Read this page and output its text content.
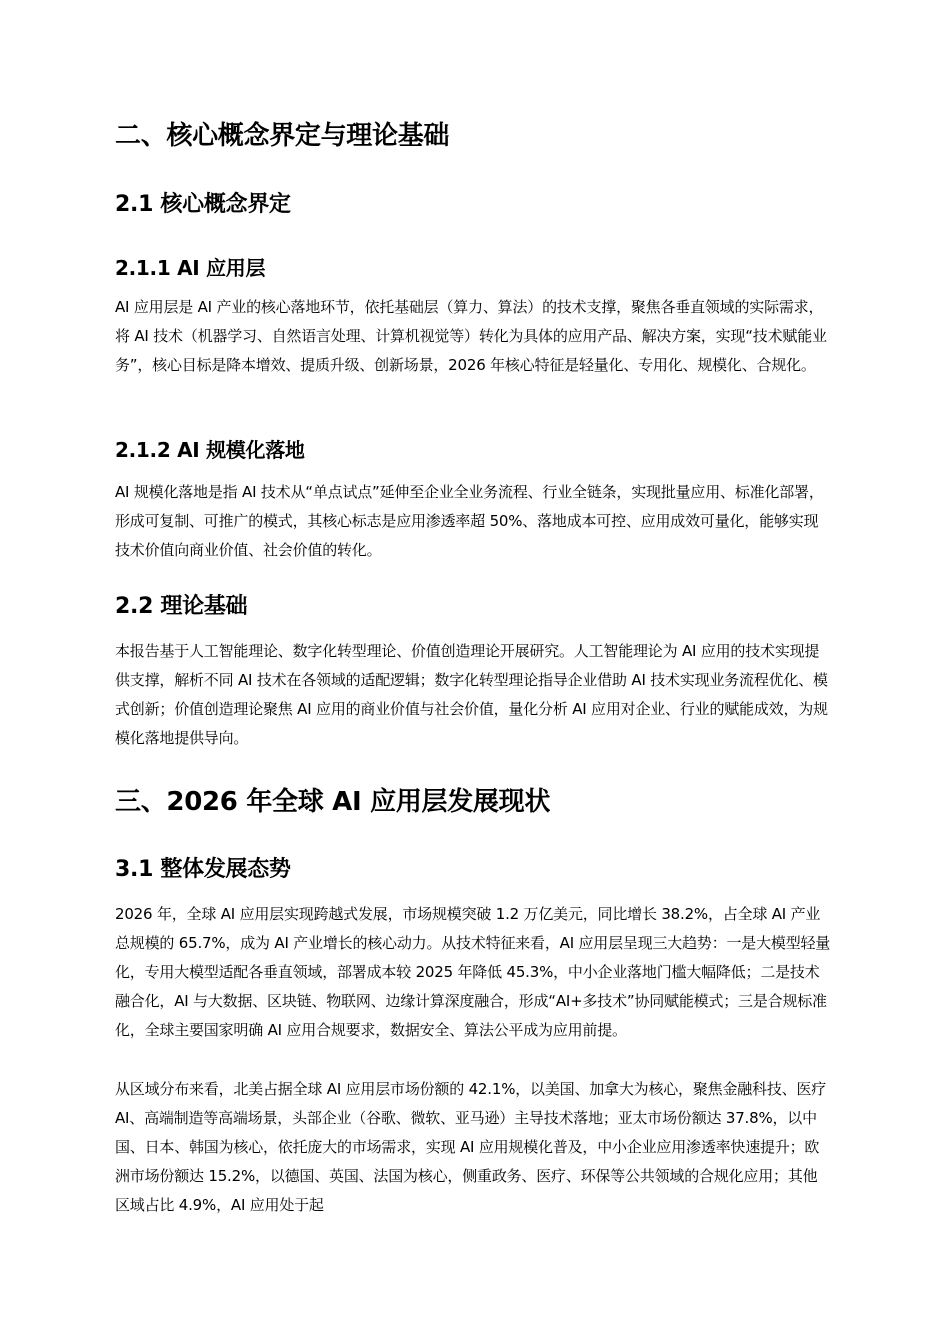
二、核心概念界定与理论基础
2.1 核心概念界定
2.1.1 AI 应用层

AI 应用层是 AI 产业的核心落地环节，依托基础层（算力、算法）的技术支撑，聚焦各垂直领域的实际需求，将 AI 技术（机器学习、自然语言处理、计算机视觉等）转化为具体的应用产品、解决方案，实现“技术赋能业务”，核心目标是降本增效、提质升级、创新场景，2026 年核心特征是轻量化、专用化、规模化、合规化。

2.1.2 AI 规模化落地

AI 规模化落地是指 AI 技术从“单点试点”延伸至企业全业务流程、行业全链条，实现批量应用、标准化部署，形成可复制、可推广的模式，其核心标志是应用渗透率超 50%、落地成本可控、应用成效可量化，能够实现技术价值向商业价值、社会价值的转化。

2.2 理论基础

本报告基于人工智能理论、数字化转型理论、价值创造理论开展研究。人工智能理论为 AI 应用的技术实现提供支撑，解析不同 AI 技术在各领域的适配逻辑；数字化转型理论指导企业借助 AI 技术实现业务流程优化、模式创新；价值创造理论聚焦 AI 应用的商业价值与社会价值，量化分析 AI 应用对企业、行业的赋能成效，为规模化落地提供导向。

三、2026 年全球 AI 应用层发展现状
3.1 整体发展态势

2026 年，全球 AI 应用层实现跨越式发展，市场规模突破 1.2 万亿美元，同比增长 38.2%，占全球 AI 产业总规模的 65.7%，成为 AI 产业增长的核心动力。从技术特征来看，AI 应用层呈现三大趋势：一是大模型轻量化，专用大模型适配各垂直领域，部署成本较 2025 年降低 45.3%，中小企业落地门槛大幅降低；二是技术融合化，AI 与大数据、区块链、物联网、边缘计算深度融合，形成“AI+多技术”协同赋能模式；三是合规标准化，全球主要国家明确 AI 应用合规要求，数据安全、算法公平成为应用前提。

从区域分布来看，北美占据全球 AI 应用层市场份额的 42.1%，以美国、加拿大为核心，聚焦金融科技、医疗 AI、高端制造等高端场景，头部企业（谷歌、微软、亚马逊）主导技术落地；亚太市场份额达 37.8%，以中国、日本、韩国为核心，依托庞大的市场需求，实现 AI 应用规模化普及，中小企业应用渗透率快速提升；欧洲市场份额达 15.2%，以德国、英国、法国为核心，侧重政务、医疗、环保等公共领域的合规化应用；其他区域占比 4.9%，AI 应用处于起
